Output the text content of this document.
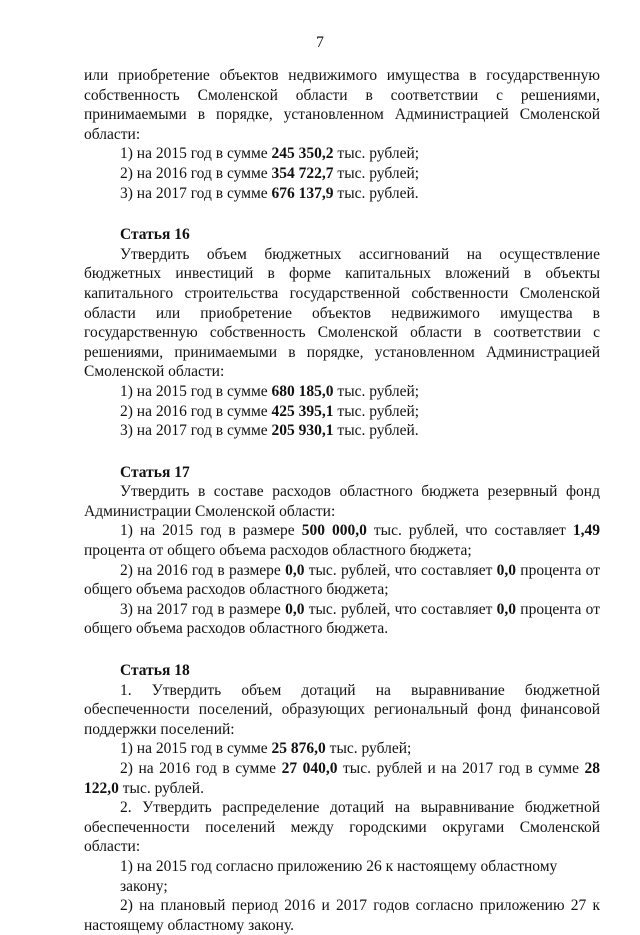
7

или приобретение объектов недвижимого имущества в государственную собственность Смоленской области в соответствии с решениями, принимаемыми в порядке, установленном Администрацией Смоленской области:

1) на 2015 год в сумме 245 350,2 тыс. рублей;

2) на 2016 год в сумме 354 722,7 тыс. рублей;

3) на 2017 год в сумме 676 137,9 тыс. рублей.

Статья 16

Утвердить объем бюджетных ассигнований на осуществление бюджетных инвестиций в форме капитальных вложений в объекты капитального строительства государственной собственности Смоленской области или приобретение объектов недвижимого имущества в государственную собственность Смоленской области в соответствии с решениями, принимаемыми в порядке, установленном Администрацией Смоленской области:

1) на 2015 год в сумме 680 185,0 тыс. рублей;

2) на 2016 год в сумме 425 395,1 тыс. рублей;

3) на 2017 год в сумме 205 930,1 тыс. рублей.

Статья 17

Утвердить в составе расходов областного бюджета резервный фонд Администрации Смоленской области:

1) на 2015 год в размере 500 000,0 тыс. рублей, что составляет 1,49 процента от общего объема расходов областного бюджета;

2) на 2016 год в размере 0,0 тыс. рублей, что составляет 0,0 процента от общего объема расходов областного бюджета;

3) на 2017 год в размере 0,0 тыс. рублей, что составляет 0,0 процента от общего объема расходов областного бюджета.

Статья 18

1. Утвердить объем дотаций на выравнивание бюджетной обеспеченности поселений, образующих региональный фонд финансовой поддержки поселений:

1) на 2015 год в сумме 25 876,0 тыс. рублей;

2) на 2016 год в сумме 27 040,0 тыс. рублей и на 2017 год в сумме 28 122,0 тыс. рублей.

2. Утвердить распределение дотаций на выравнивание бюджетной обеспеченности поселений между городскими округами Смоленской области:

1) на 2015 год согласно приложению 26 к настоящему областному закону;

2) на плановый период 2016 и 2017 годов согласно приложению 27 к настоящему областному закону.
